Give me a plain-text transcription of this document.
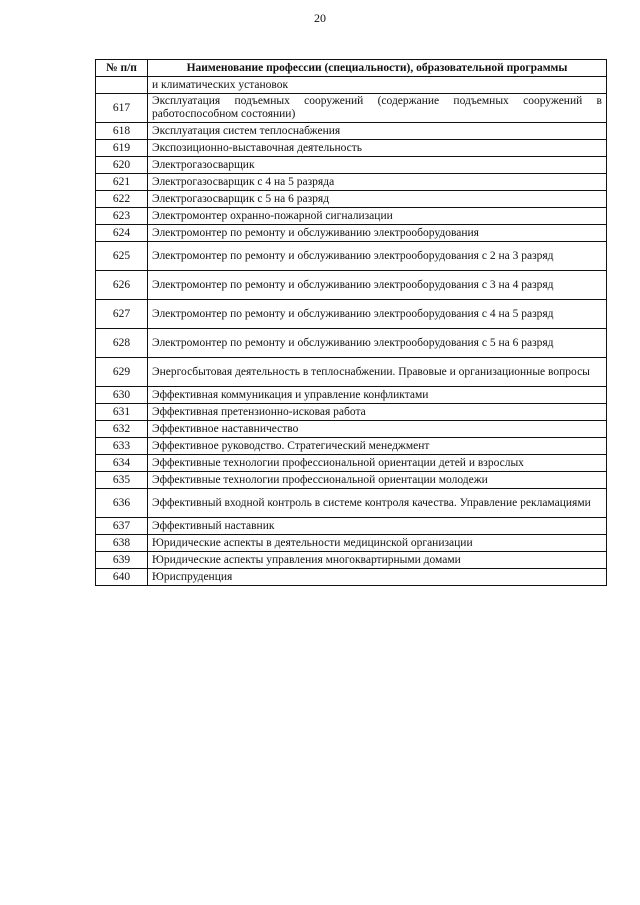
20
№ п/п	Наименование профессии (специальности), образовательной программы
	и климатических установок
617	Эксплуатация подъемных сооружений (содержание подъемных сооружений в работоспособном состоянии)
618	Эксплуатация систем теплоснабжения
619	Экспозиционно-выставочная деятельность
620	Электрогазосварщик
621	Электрогазосварщик с 4 на 5 разряда
622	Электрогазосварщик с 5 на 6 разряд
623	Электромонтер охранно-пожарной сигнализации
624	Электромонтер по ремонту и обслуживанию электрооборудования
625	Электромонтер по ремонту и обслуживанию электрооборудования с 2 на 3 разряд
626	Электромонтер по ремонту и обслуживанию электрооборудования с 3 на 4 разряд
627	Электромонтер по ремонту и обслуживанию электрооборудования с 4 на 5 разряд
628	Электромонтер по ремонту и обслуживанию электрооборудования с 5 на 6 разряд
629	Энергосбытовая деятельность в теплоснабжении. Правовые и организационные вопросы
630	Эффективная коммуникация и управление конфликтами
631	Эффективная претензионно-исковая работа
632	Эффективное наставничество
633	Эффективное руководство. Стратегический менеджмент
634	Эффективные технологии профессиональной ориентации детей и взрослых
635	Эффективные технологии профессиональной ориентации молодежи
636	Эффективный входной контроль в системе контроля качества. Управление рекламациями
637	Эффективный наставник
638	Юридические аспекты в деятельности медицинской организации
639	Юридические аспекты управления многоквартирными домами
640	Юриспруденция
